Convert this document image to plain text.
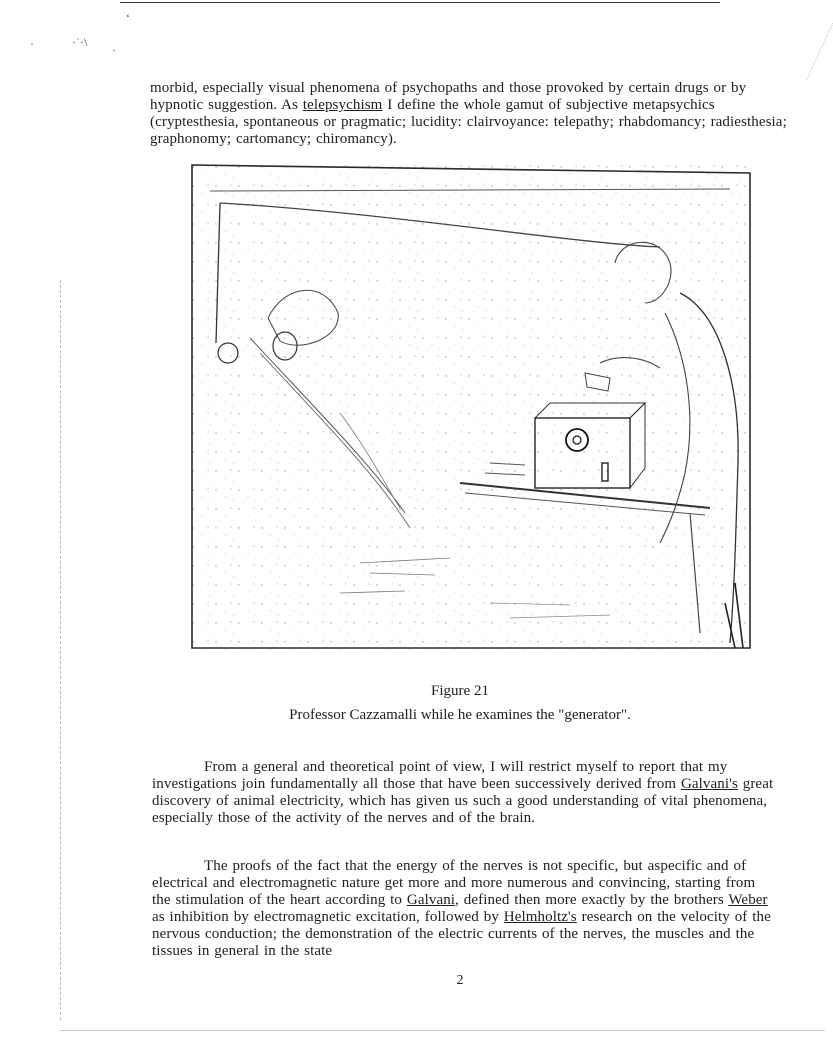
‘
·	·˙·\
·

morbid, especially visual phenomena of psychopaths and those provoked by certain drugs or by hypnotic suggestion. As telepsychism I define the whole gamut of subjective metapsychics (cryptesthesia, spontaneous or pragmatic; lucidity: clairvoyance: telepathy; rhabdomancy; radiesthesia; graphonomy; cartomancy; chiromancy).

Figure 21

Professor Cazzamalli while he examines the "generator".

From a general and theoretical point of view, I will restrict myself to report that my investigations join fundamentally all those that have been successively derived from Galvani's great discovery of animal electricity, which has given us such a good understanding of vital phenomena, especially those of the activity of the nerves and of the brain.

The proofs of the fact that the energy of the nerves is not specific, but aspecific and of electrical and electromagnetic nature get more and more numerous and convincing, starting from the stimulation of the heart according to Galvani, defined then more exactly by the brothers Weber as inhibition by electromagnetic excitation, followed by Helmholtz's research on the velocity of the nervous conduction; the demonstration of the electric currents of the nerves, the muscles and the tissues in general in the state

2
